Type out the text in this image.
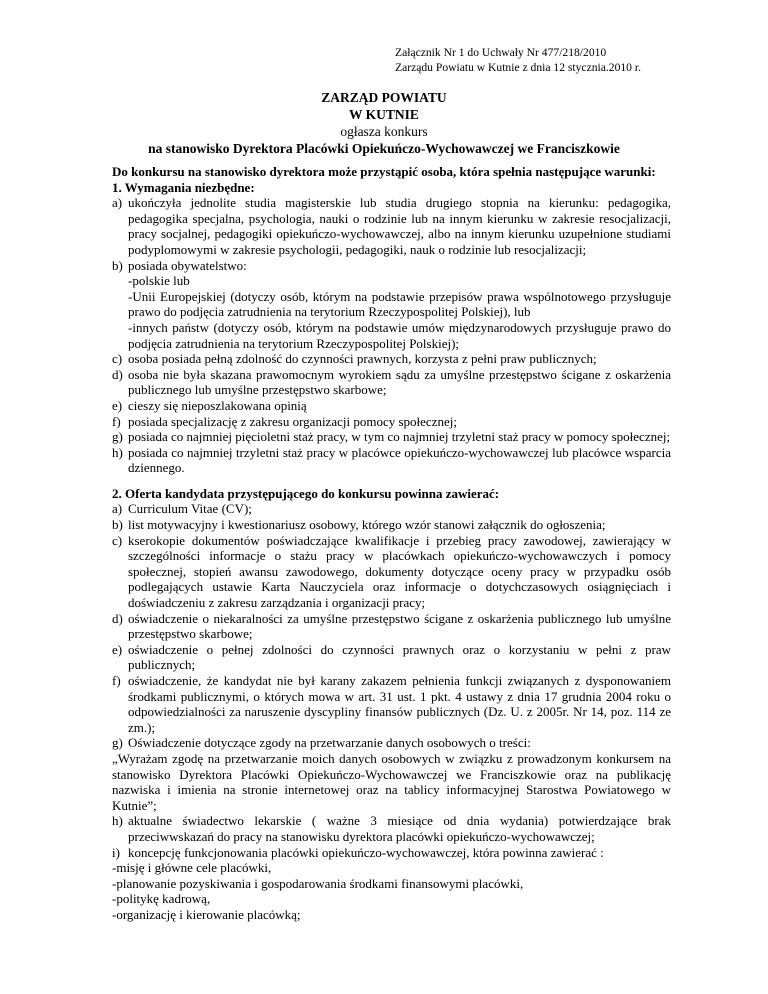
Załącznik Nr 1 do Uchwały Nr 477/218/2010
Zarządu Powiatu w Kutnie z dnia 12 stycznia.2010 r.
ZARZĄD POWIATU
W KUTNIE
ogłasza konkurs
na stanowisko Dyrektora Placówki Opiekuńczo-Wychowawczej we Franciszkowie

Do konkursu na stanowisko dyrektora może przystąpić osoba, która spełnia następujące warunki:

1. Wymagania niezbędne:

a) ukończyła jednolite studia magisterskie lub studia drugiego stopnia na kierunku: pedagogika, pedagogika specjalna, psychologia, nauki o rodzinie lub na innym kierunku w zakresie resocjalizacji, pracy socjalnej, pedagogiki opiekuńczo-wychowawczej, albo na innym kierunku uzupełnione studiami podyplomowymi w zakresie psychologii, pedagogiki, nauk o rodzinie lub resocjalizacji;
b) posiada obywatelstwo:
-polskie lub
-Unii Europejskiej (dotyczy osób, którym na podstawie przepisów prawa wspólnotowego przysługuje prawo do podjęcia zatrudnienia na terytorium Rzeczypospolitej Polskiej), lub
-innych państw (dotyczy osób, którym na podstawie umów międzynarodowych przysługuje prawo do podjęcia zatrudnienia na terytorium Rzeczypospolitej Polskiej);
c) osoba posiada pełną zdolność do czynności prawnych, korzysta z pełni praw publicznych;
d) osoba nie była skazana prawomocnym wyrokiem sądu za umyślne przestępstwo ścigane z oskarżenia publicznego lub umyślne przestępstwo skarbowe;
e) cieszy się nieposzlakowana opinią
f) posiada specjalizację z zakresu organizacji pomocy społecznej;
g) posiada co najmniej pięcioletni staż pracy, w tym co najmniej trzyletni staż pracy w pomocy społecznej;
h) posiada co najmniej trzyletni staż pracy w placówce opiekuńczo-wychowawczej lub placówce wsparcia dziennego.

2. Oferta kandydata przystępującego do konkursu powinna zawierać:

a) Curriculum Vitae (CV);
b) list motywacyjny i kwestionariusz osobowy, którego wzór stanowi załącznik do ogłoszenia;
c) kserokopie dokumentów poświadczające kwalifikacje i przebieg pracy zawodowej, zawierający w szczególności informacje o stażu pracy w placówkach opiekuńczo-wychowawczych i pomocy społecznej, stopień awansu zawodowego, dokumenty dotyczące oceny pracy w przypadku osób podlegających ustawie Karta Nauczyciela oraz informacje o dotychczasowych osiągnięciach i doświadczeniu z zakresu zarządzania i organizacji pracy;
d) oświadczenie o niekaralności za umyślne przestępstwo ścigane z oskarżenia publicznego lub umyślne przestępstwo skarbowe;
e) oświadczenie o pełnej zdolności do czynności prawnych oraz o korzystaniu w pełni z praw publicznych;
f) oświadczenie, że kandydat nie był karany zakazem pełnienia funkcji związanych z dysponowaniem środkami publicznymi, o których mowa w art. 31 ust. 1 pkt. 4 ustawy z dnia 17 grudnia 2004 roku o odpowiedzialności za naruszenie dyscypliny finansów publicznych (Dz. U. z 2005r. Nr 14, poz. 114 ze zm.);
g) Oświadczenie dotyczące zgody na przetwarzanie danych osobowych o treści:

„Wyrażam zgodę na przetwarzanie moich danych osobowych w związku z prowadzonym konkursem na stanowisko Dyrektora Placówki Opiekuńczo-Wychowawczej we Franciszkowie oraz na publikację nazwiska i imienia na stronie internetowej oraz na tablicy informacyjnej Starostwa Powiatowego w Kutnie”;

h) aktualne świadectwo lekarskie ( ważne 3 miesiące od dnia wydania) potwierdzające brak przeciwwskazań do pracy na stanowisku dyrektora placówki opiekuńczo-wychowawczej;
i) koncepcję funkcjonowania placówki opiekuńczo-wychowawczej, która powinna zawierać :
-misję i główne cele placówki,
-planowanie pozyskiwania i gospodarowania środkami finansowymi placówki,
-politykę kadrową,
-organizację i kierowanie placówką;
